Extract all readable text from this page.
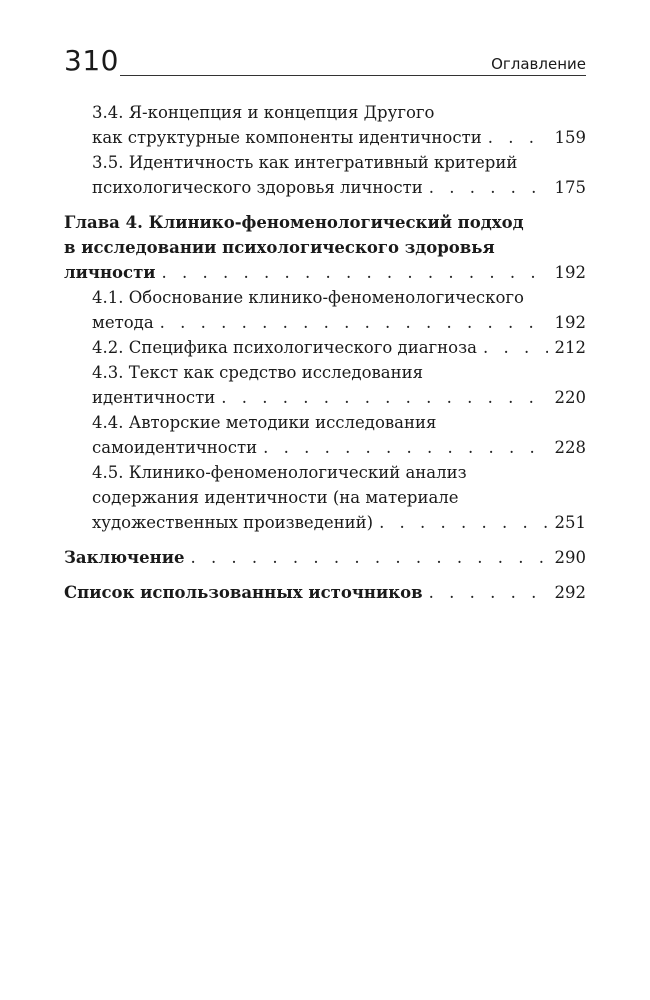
310	Оглавление
3.4. Я-концепция и концепция Другого
как структурные компоненты идентичности . . .	159
3.5. Идентичность как интегративный критерий
психологического здоровья личности . . .	175
Глава 4. Клинико-феноменологический подход
в исследовании психологического здоровья
личности . . .	192
4.1. Обоснование клинико-феноменологического
метода . . .	192
4.2. Специфика психологического диагноза . . .	212
4.3. Текст как средство исследования
идентичности . . .	220
4.4. Авторские методики исследования
самоидентичности . . .	228
4.5. Клинико-феноменологический анализ
содержания идентичности (на материале
художественных произведений) . . .	251
Заключение . . .	290
Список использованных источников . . .	292
